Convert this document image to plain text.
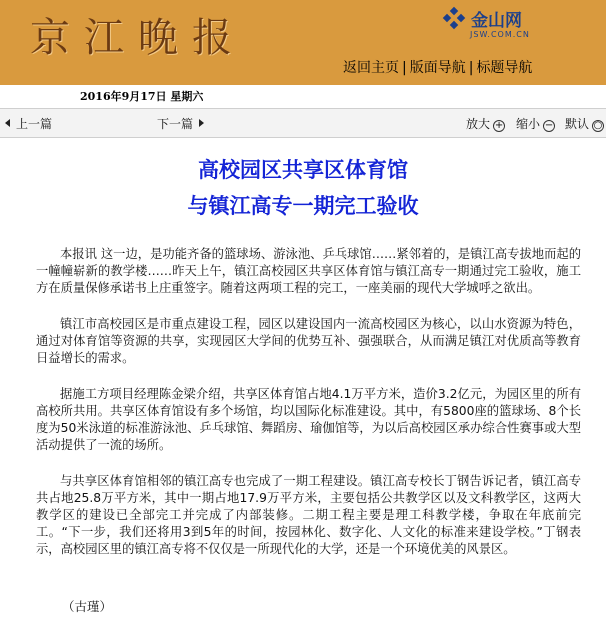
京江晚报	金山网
JSW.COM.CN
返回主页 | 版面导航 | 标题导航
2016年9月17日 星期六
上一篇	下一篇	放大 + 缩小 − 默认 ○
高校园区共享区体育馆
与镇江高专一期完工验收

本报讯 这一边，是功能齐备的篮球场、游泳池、乒乓球馆……紧邻着的，是镇江高专拔地而起的一幢幢崭新的教学楼……昨天上午，镇江高校园区共享区体育馆与镇江高专一期通过完工验收，施工方在质量保修承诺书上庄重签字。随着这两项工程的完工，一座美丽的现代大学城呼之欲出。

镇江市高校园区是市重点建设工程，园区以建设国内一流高校园区为核心，以山水资源为特色，通过对体育馆等资源的共享，实现园区大学间的优势互补、强强联合，从而满足镇江对优质高等教育日益增长的需求。

据施工方项目经理陈金梁介绍，共享区体育馆占地4.1万平方米，造价3.2亿元，为园区里的所有高校所共用。共享区体育馆设有多个场馆，均以国际化标准建设。其中，有5800座的篮球场、8个长度为50米泳道的标准游泳池、乒乓球馆、舞蹈房、瑜伽馆等，为以后高校园区承办综合性赛事或大型活动提供了一流的场所。

与共享区体育馆相邻的镇江高专也完成了一期工程建设。镇江高专校长丁钢告诉记者，镇江高专共占地25.8万平方米，其中一期占地17.9万平方米，主要包括公共教学区以及文科教学区，这两大教学区的建设已全部完工并完成了内部装修。二期工程主要是理工科教学楼，争取在年底前完工。“下一步，我们还将用3到5年的时间，按园林化、数字化、人文化的标准来建设学校。”丁钢表示，高校园区里的镇江高专将不仅仅是一所现代化的大学，还是一个环境优美的风景区。

（古瑾）
